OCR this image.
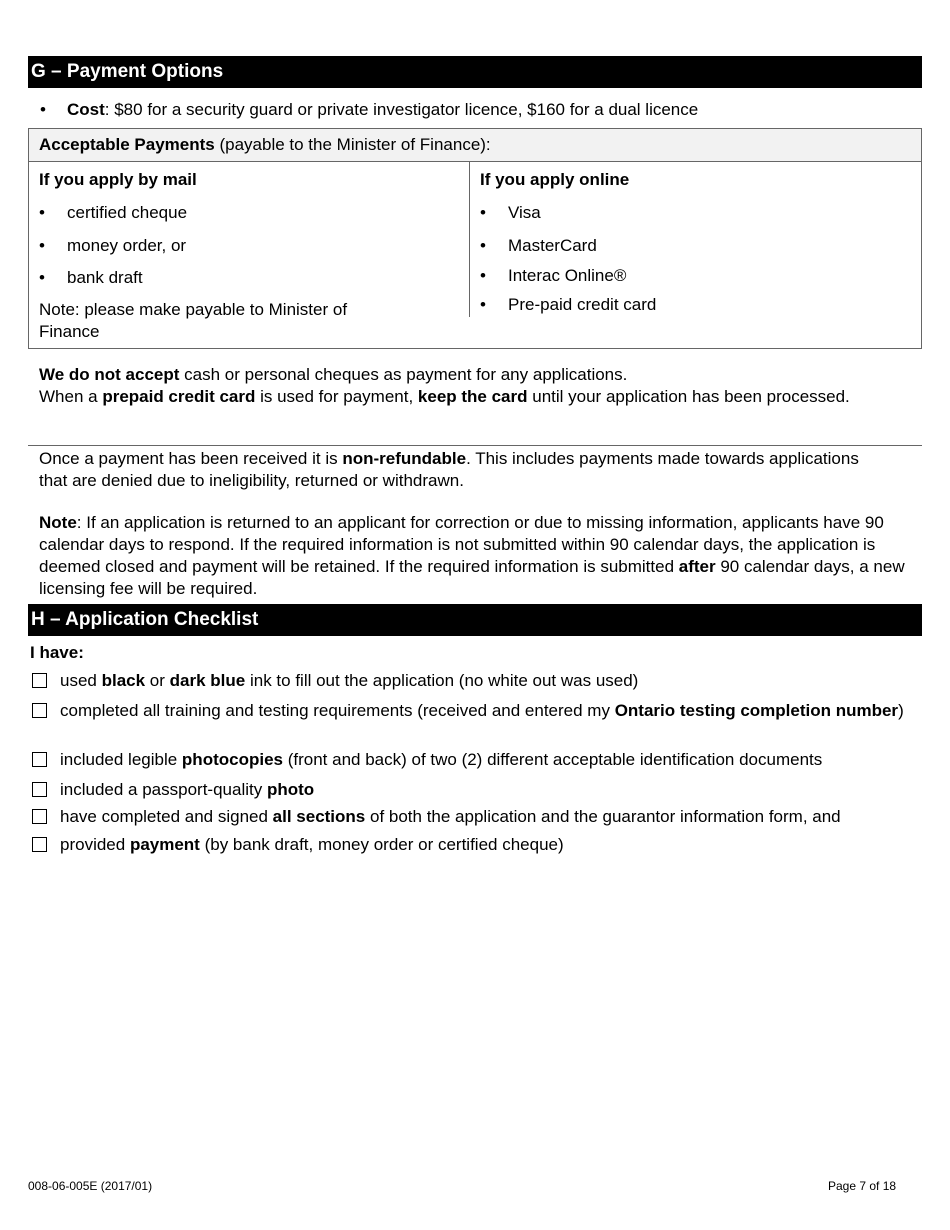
G – Payment Options
• Cost: $80 for a security guard or private investigator licence, $160 for a dual licence
Acceptable Payments (payable to the Minister of Finance):
If you apply by mail
• certified cheque
• money order, or
• bank draft
Note: please make payable to Minister of Finance
If you apply online
• Visa
• MasterCard
• Interac Online®
• Pre-paid credit card
We do not accept cash or personal cheques as payment for any applications.
When a prepaid credit card is used for payment, keep the card until your application has been processed.
Once a payment has been received it is non-refundable. This includes payments made towards applications that are denied due to ineligibility, returned or withdrawn.
Note: If an application is returned to an applicant for correction or due to missing information, applicants have 90 calendar days to respond. If the required information is not submitted within 90 calendar days, the application is deemed closed and payment will be retained. If the required information is submitted after 90 calendar days, a new licensing fee will be required.
H – Application Checklist
I have:
used black or dark blue ink to fill out the application (no white out was used)
completed all training and testing requirements (received and entered my Ontario testing completion number)
included legible photocopies (front and back) of two (2) different acceptable identification documents
included a passport-quality photo
have completed and signed all sections of both the application and the guarantor information form, and
provided payment (by bank draft, money order or certified cheque)
008-06-005E (2017/01)	Page 7 of 18
